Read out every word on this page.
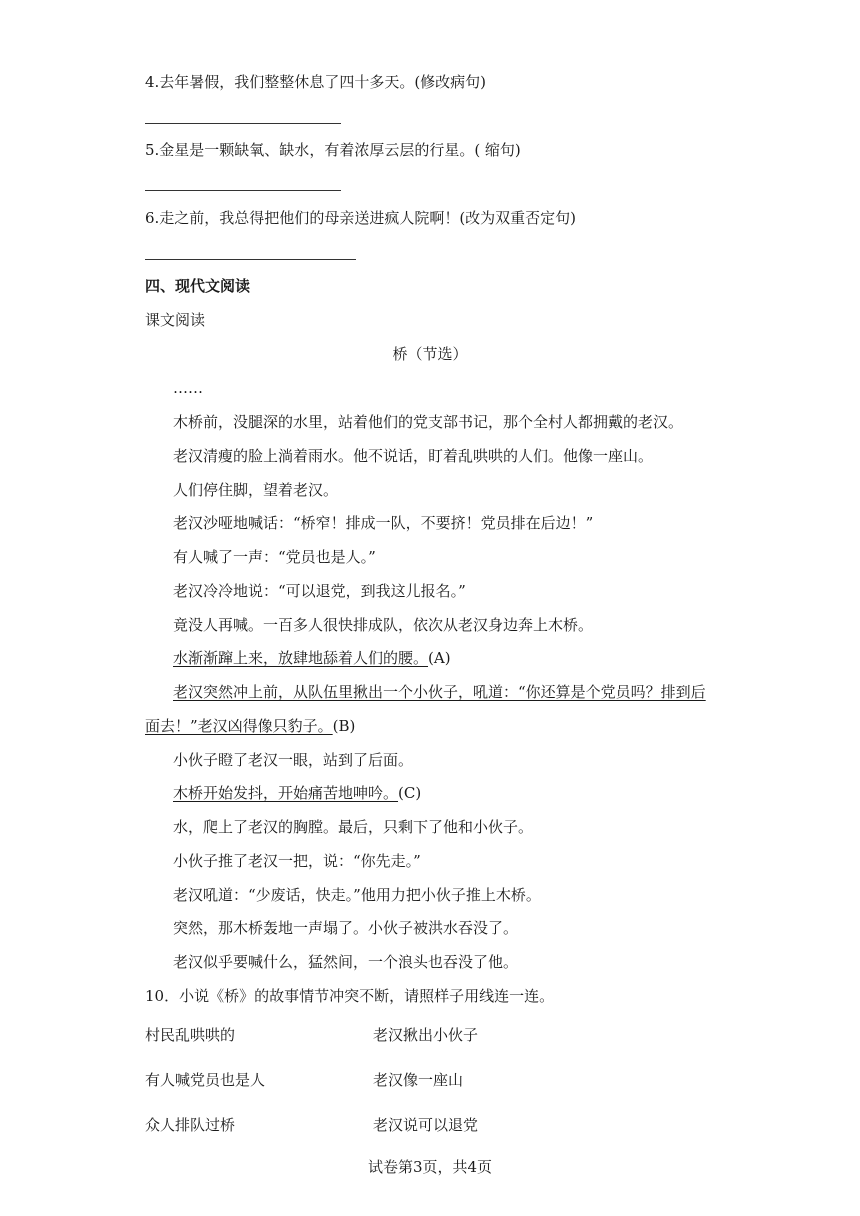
4.去年暑假，我们整整休息了四十多天。(修改病句)
5.金星是一颗缺氧、缺水，有着浓厚云层的行星。( 缩句)
6.走之前，我总得把他们的母亲送进疯人院啊！(改为双重否定句)
四、现代文阅读
课文阅读
桥（节选）
……
木桥前，没腿深的水里，站着他们的党支部书记，那个全村人都拥戴的老汉。
老汉清瘦的脸上淌着雨水。他不说话，盯着乱哄哄的人们。他像一座山。
人们停住脚，望着老汉。
老汉沙哑地喊话：“桥窄！排成一队，不要挤！党员排在后边！”
有人喊了一声：“党员也是人。”
老汉冷冷地说：“可以退党，到我这儿报名。”
竟没人再喊。一百多人很快排成队，依次从老汉身边奔上木桥。
水渐渐蹿上来，放肆地舔着人们的腰。(A)
老汉突然冲上前，从队伍里揪出一个小伙子，吼道：“你还算是个党员吗？排到后
面去！”老汉凶得像只豹子。(B)
小伙子瞪了老汉一眼，站到了后面。
木桥开始发抖，开始痛苦地呻吟。(C)
水，爬上了老汉的胸膛。最后，只剩下了他和小伙子。
小伙子推了老汉一把，说：“你先走。”
老汉吼道：“少废话，快走。”他用力把小伙子推上木桥。
突然，那木桥轰地一声塌了。小伙子被洪水吞没了。
老汉似乎要喊什么，猛然间，一个浪头也吞没了他。
10．小说《桥》的故事情节冲突不断，请照样子用线连一连。
村民乱哄哄的	老汉揪出小伙子
有人喊党员也是人	老汉像一座山
众人排队过桥	老汉说可以退党
试卷第3页，共4页
